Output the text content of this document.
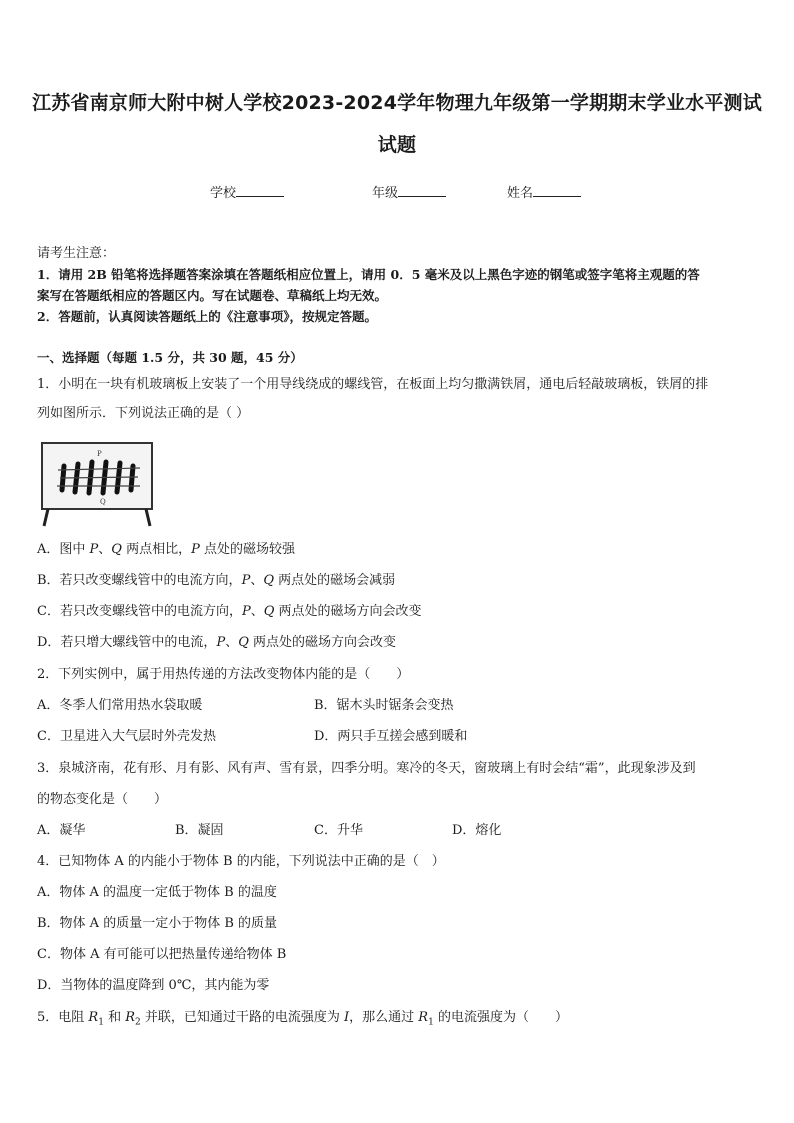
江苏省南京师大附中树人学校2023-2024学年物理九年级第一学期期末学业水平测试
试题
学校	年级	姓名
请考生注意：
1．请用 2B 铅笔将选择题答案涂填在答题纸相应位置上，请用 0．5 毫米及以上黑色字迹的钢笔或签字笔将主观题的答
案写在答题纸相应的答题区内。写在试题卷、草稿纸上均无效。
2．答题前，认真阅读答题纸上的《注意事项》，按规定答题。
一、选择题（每题 1.5 分，共 30 题，45 分）
1．小明在一块有机玻璃板上安装了一个用导线绕成的螺线管，在板面上均匀撒满铁屑，通电后轻敲玻璃板，铁屑的排
列如图所示．下列说法正确的是（ ）
P
Q
A．图中 P、Q 两点相比，P 点处的磁场较强
B．若只改变螺线管中的电流方向，P、Q 两点处的磁场会减弱
C．若只改变螺线管中的电流方向，P、Q 两点处的磁场方向会改变
D．若只增大螺线管中的电流，P、Q 两点处的磁场方向会改变
2．下列实例中，属于用热传递的方法改变物体内能的是（　　）
A．冬季人们常用热水袋取暖	B．锯木头时锯条会变热
C．卫星进入大气层时外壳发热	D．两只手互搓会感到暖和
3．泉城济南，花有形、月有影、风有声、雪有景，四季分明。寒冷的冬天，窗玻璃上有时会结“霜”，此现象涉及到
的物态变化是（　　）
A．凝华	B．凝固	C．升华	D．熔化
4．已知物体 A 的内能小于物体 B 的内能，下列说法中正确的是（　）
A．物体 A 的温度一定低于物体 B 的温度
B．物体 A 的质量一定小于物体 B 的质量
C．物体 A 有可能可以把热量传递给物体 B
D．当物体的温度降到 0℃，其内能为零
5．电阻 $R_1$ 和 $R_2$ 并联，已知通过干路的电流强度为 I，那么通过 $R_1$ 的电流强度为（　　）
